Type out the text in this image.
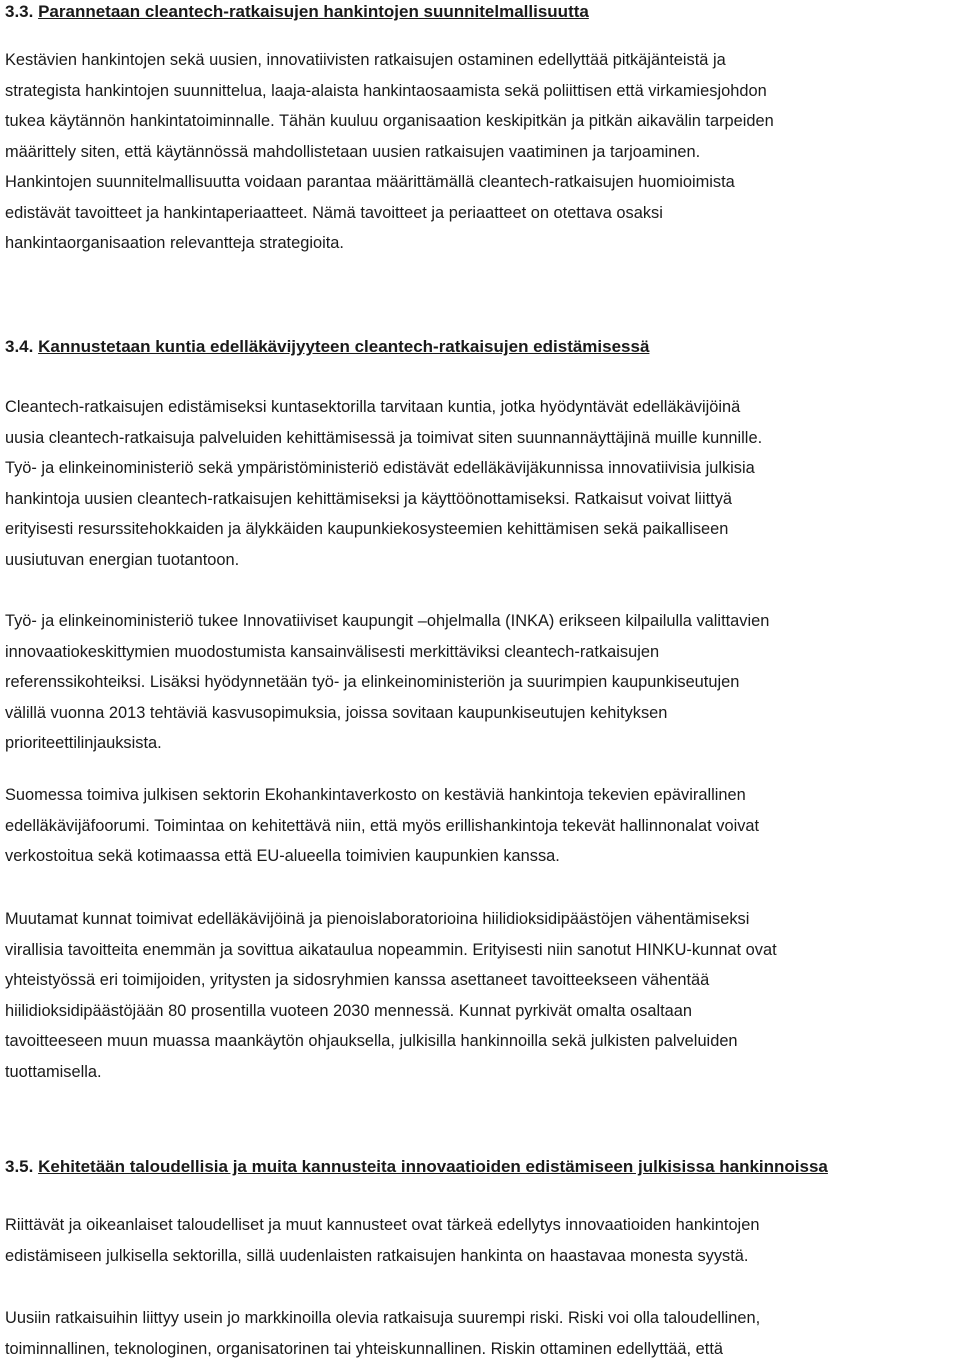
3.3. Parannetaan cleantech-ratkaisujen hankintojen suunnitelmallisuutta

Kestävien hankintojen sekä uusien, innovatiivisten ratkaisujen ostaminen edellyttää pitkäjänteistä ja
strategista hankintojen suunnittelua, laaja-alaista hankintaosaamista sekä poliittisen että virkamiesjohdon
tukea käytännön hankintatoiminnalle. Tähän kuuluu organisaation keskipitkän ja pitkän aikavälin tarpeiden
määrittely siten, että käytännössä mahdollistetaan uusien ratkaisujen vaatiminen ja tarjoaminen.
Hankintojen suunnitelmallisuutta voidaan parantaa määrittämällä cleantech-ratkaisujen huomioimista
edistävät tavoitteet ja hankintaperiaatteet. Nämä tavoitteet ja periaatteet on otettava osaksi
hankintaorganisaation relevantteja strategioita.

3.4. Kannustetaan kuntia edelläkävijyyteen cleantech-ratkaisujen edistämisessä

Cleantech-ratkaisujen edistämiseksi kuntasektorilla tarvitaan kuntia, jotka hyödyntävät edelläkävijöinä
uusia cleantech-ratkaisuja palveluiden kehittämisessä ja toimivat siten suunnannäyttäjinä muille kunnille.
Työ- ja elinkeinoministeriö sekä ympäristöministeriö edistävät edelläkävijäkunnissa innovatiivisia julkisia
hankintoja uusien cleantech-ratkaisujen kehittämiseksi ja käyttöönottamiseksi. Ratkaisut voivat liittyä
erityisesti resurssitehokkaiden ja älykkäiden kaupunkiekosysteemien kehittämisen sekä paikalliseen
uusiutuvan energian tuotantoon.

Työ- ja elinkeinoministeriö tukee Innovatiiviset kaupungit –ohjelmalla (INKA) erikseen kilpailulla valittavien
innovaatiokeskittymien muodostumista kansainvälisesti merkittäviksi cleantech-ratkaisujen
referenssikohteiksi. Lisäksi hyödynnetään työ- ja elinkeinoministeriön ja suurimpien kaupunkiseutujen
välillä vuonna 2013 tehtäviä kasvusopimuksia, joissa sovitaan kaupunkiseutujen kehityksen
prioriteettilinjauksista.

Suomessa toimiva julkisen sektorin Ekohankintaverkosto on kestäviä hankintoja tekevien epävirallinen
edelläkävijäfoorumi. Toimintaa on kehitettävä niin, että myös erillishankintoja tekevät hallinnonalat voivat
verkostoitua sekä kotimaassa että EU-alueella toimivien kaupunkien kanssa.

Muutamat kunnat toimivat edelläkävijöinä ja pienoislaboratorioina hiilidioksidipäästöjen vähentämiseksi
virallisia tavoitteita enemmän ja sovittua aikataulua nopeammin. Erityisesti niin sanotut HINKU-kunnat ovat
yhteistyössä eri toimijoiden, yritysten ja sidosryhmien kanssa asettaneet tavoitteekseen vähentää
hiilidioksidipäästöjään 80 prosentilla vuoteen 2030 mennessä. Kunnat pyrkivät omalta osaltaan
tavoitteeseen muun muassa maankäytön ohjauksella, julkisilla hankinnoilla sekä julkisten palveluiden
tuottamisella.

3.5. Kehitetään taloudellisia ja muita kannusteita innovaatioiden edistämiseen julkisissa hankinnoissa

Riittävät ja oikeanlaiset taloudelliset ja muut kannusteet ovat tärkeä edellytys innovaatioiden hankintojen
edistämiseen julkisella sektorilla, sillä uudenlaisten ratkaisujen hankinta on haastavaa monesta syystä.

Uusiin ratkaisuihin liittyy usein jo markkinoilla olevia ratkaisuja suurempi riski. Riski voi olla taloudellinen,
toiminnallinen, teknologinen, organisatorinen tai yhteiskunnallinen. Riskin ottaminen edellyttää, että
